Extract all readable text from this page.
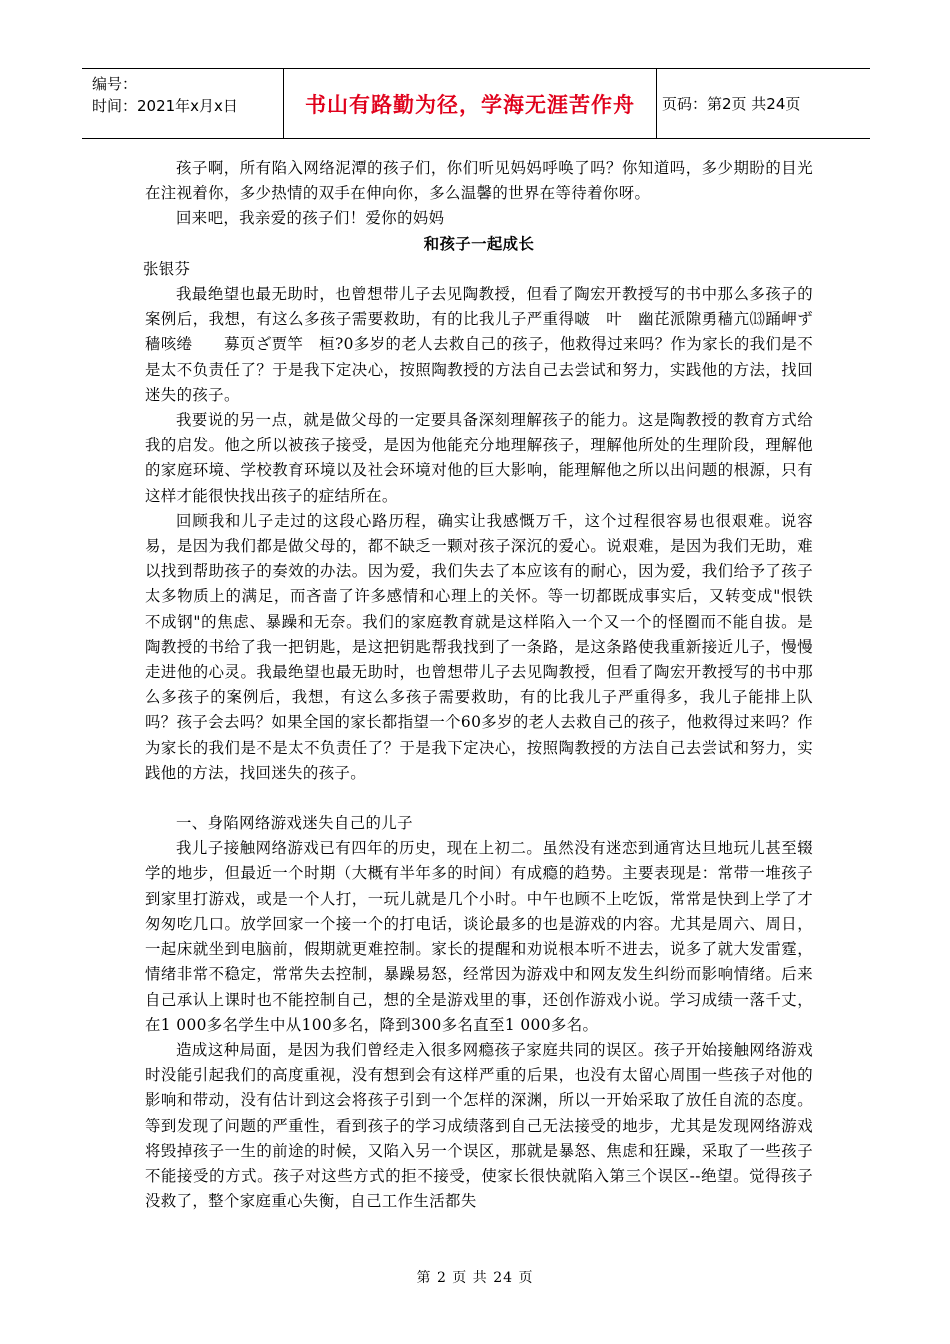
编号：
时间：2021年x月x日	书山有路勤为径，学海无涯苦作舟	页码：第2页 共24页

孩子啊，所有陷入网络泥潭的孩子们，你们听见妈妈呼唤了吗？你知道吗，多少期盼的目光在注视着你，多少热情的双手在伸向你，多么温馨的世界在等待着你呀。

回来吧，我亲爱的孩子们！爱你的妈妈

和孩子一起成长

张银芬

我最绝望也最无助时，也曾想带儿子去见陶教授，但看了陶宏开教授写的书中那么多孩子的案例后，我想，有这么多孩子需要救助，有的比我儿子严重得啵　叶　幽芘派隙勇穑亢⒀踊岬ず穑咳绻　　募页ざ贾竿　桓?0多岁的老人去救自己的孩子，他救得过来吗？作为家长的我们是不是太不负责任了？于是我下定决心，按照陶教授的方法自己去尝试和努力，实践他的方法，找回迷失的孩子。

我要说的另一点，就是做父母的一定要具备深刻理解孩子的能力。这是陶教授的教育方式给我的启发。他之所以被孩子接受，是因为他能充分地理解孩子，理解他所处的生理阶段，理解他的家庭环境、学校教育环境以及社会环境对他的巨大影响，能理解他之所以出问题的根源，只有这样才能很快找出孩子的症结所在。

回顾我和儿子走过的这段心路历程，确实让我感慨万千，这个过程很容易也很艰难。说容易，是因为我们都是做父母的，都不缺乏一颗对孩子深沉的爱心。说艰难，是因为我们无助，难以找到帮助孩子的奏效的办法。因为爱，我们失去了本应该有的耐心，因为爱，我们给予了孩子太多物质上的满足，而吝啬了许多感情和心理上的关怀。等一切都既成事实后，又转变成"恨铁不成钢"的焦虑、暴躁和无奈。我们的家庭教育就是这样陷入一个又一个的怪圈而不能自拔。是陶教授的书给了我一把钥匙，是这把钥匙帮我找到了一条路，是这条路使我重新接近儿子，慢慢走进他的心灵。我最绝望也最无助时，也曾想带儿子去见陶教授，但看了陶宏开教授写的书中那么多孩子的案例后，我想，有这么多孩子需要救助，有的比我儿子严重得多，我儿子能排上队吗？孩子会去吗？如果全国的家长都指望一个60多岁的老人去救自己的孩子，他救得过来吗？作为家长的我们是不是太不负责任了？于是我下定决心，按照陶教授的方法自己去尝试和努力，实践他的方法，找回迷失的孩子。

一、身陷网络游戏迷失自己的儿子

我儿子接触网络游戏已有四年的历史，现在上初二。虽然没有迷恋到通宵达旦地玩儿甚至辍学的地步，但最近一个时期（大概有半年多的时间）有成瘾的趋势。主要表现是：常带一堆孩子到家里打游戏，或是一个人打，一玩儿就是几个小时。中午也顾不上吃饭，常常是快到上学了才匆匆吃几口。放学回家一个接一个的打电话，谈论最多的也是游戏的内容。尤其是周六、周日，一起床就坐到电脑前，假期就更难控制。家长的提醒和劝说根本听不进去，说多了就大发雷霆，情绪非常不稳定，常常失去控制，暴躁易怒，经常因为游戏中和网友发生纠纷而影响情绪。后来自己承认上课时也不能控制自己，想的全是游戏里的事，还创作游戏小说。学习成绩一落千丈，在1 000多名学生中从100多名，降到300多名直至1 000多名。

造成这种局面，是因为我们曾经走入很多网瘾孩子家庭共同的误区。孩子开始接触网络游戏时没能引起我们的高度重视，没有想到会有这样严重的后果，也没有太留心周围一些孩子对他的影响和带动，没有估计到这会将孩子引到一个怎样的深渊，所以一开始采取了放任自流的态度。等到发现了问题的严重性，看到孩子的学习成绩落到自己无法接受的地步，尤其是发现网络游戏将毁掉孩子一生的前途的时候，又陷入另一个误区，那就是暴怒、焦虑和狂躁，采取了一些孩子不能接受的方式。孩子对这些方式的拒不接受，使家长很快就陷入第三个误区--绝望。觉得孩子没救了，整个家庭重心失衡，自己工作生活都失

第 2 页 共 24 页
